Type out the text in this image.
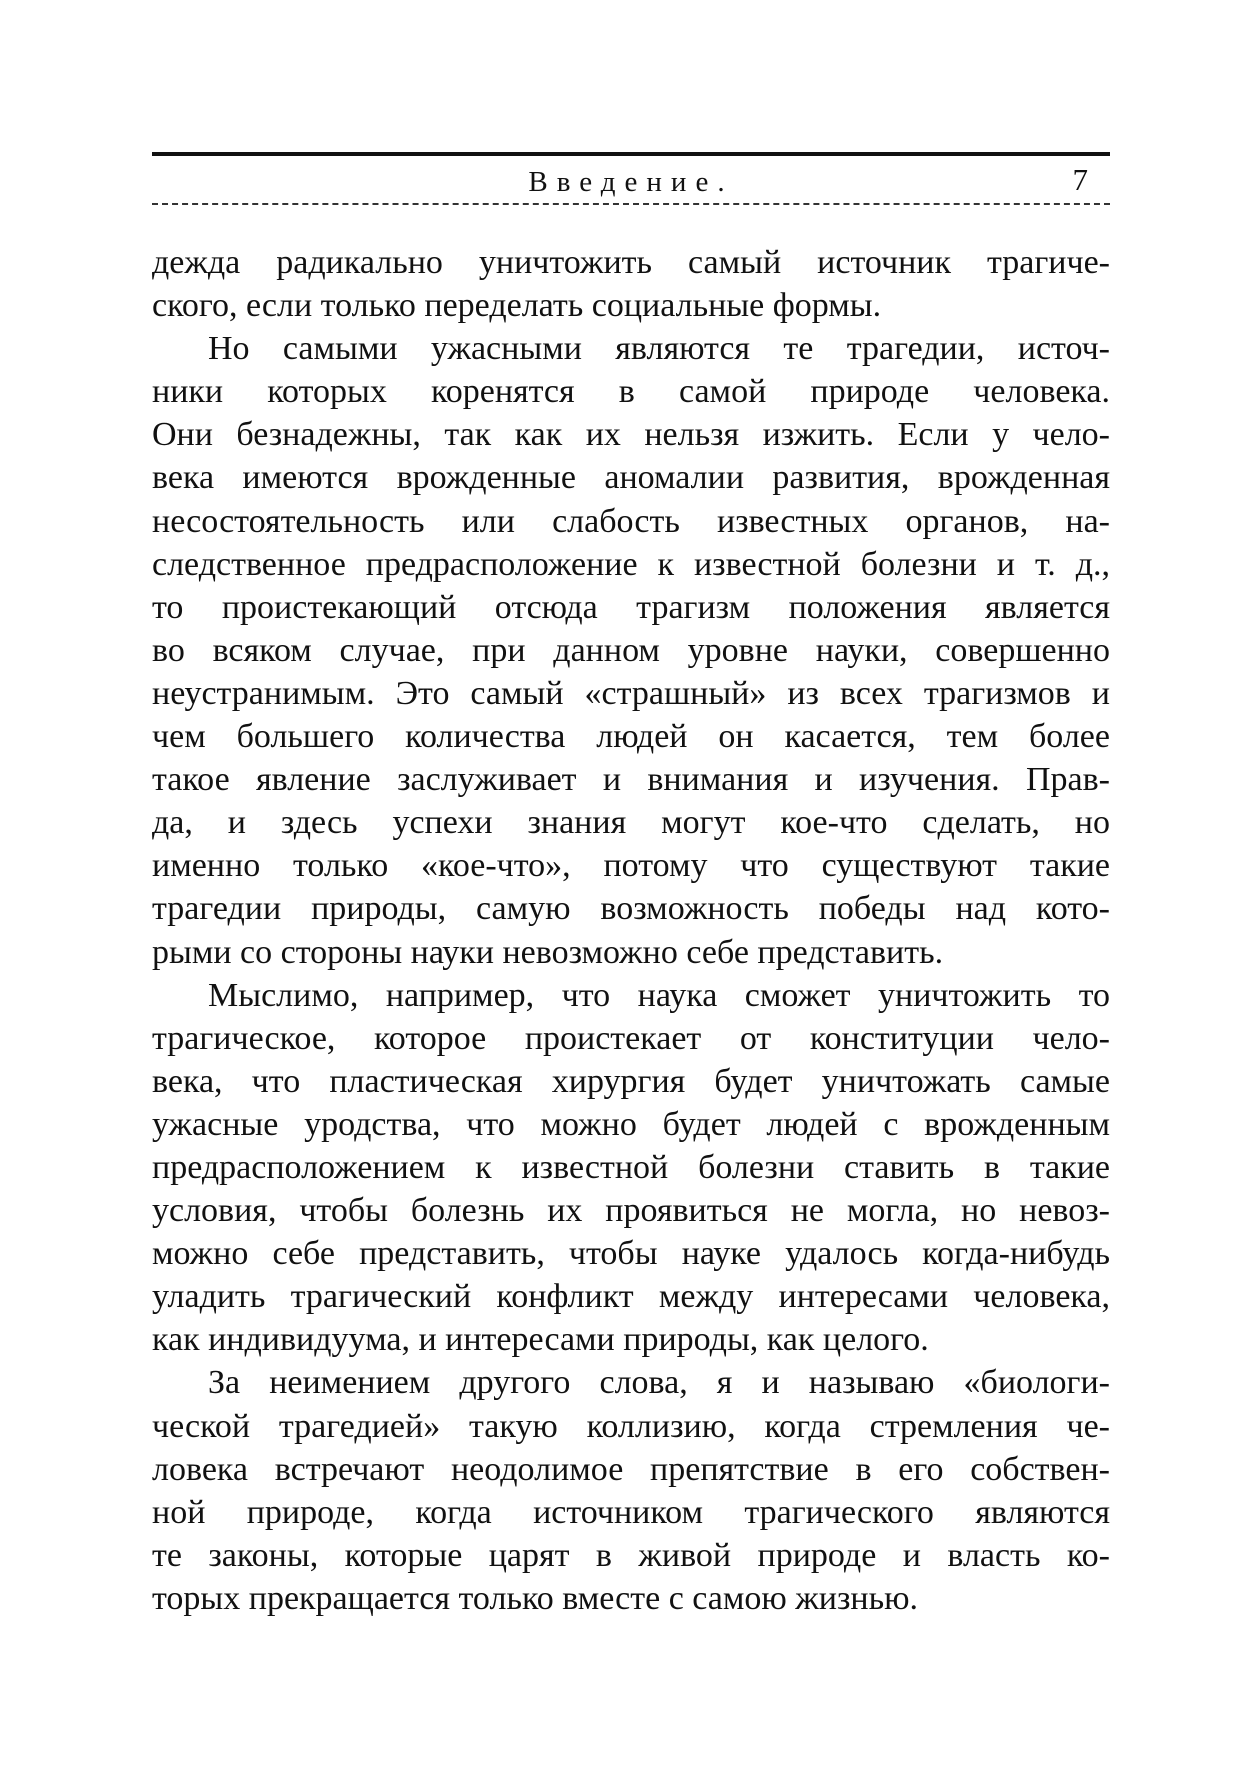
Введение.	7
дежда радикально уничтожить самый источник трагиче-
ского, если только переделать социальные формы.
Но самыми ужасными являются те трагедии, источ-
ники которых коренятся в самой природе человека.
Они безнадежны, так как их нельзя изжить. Если у чело-
века имеются врожденные аномалии развития, врожденная
несостоятельность или слабость известных органов, на-
следственное предрасположение к известной болезни и т. д.,
то проистекающий отсюда трагизм положения является
во всяком случае, при данном уровне науки, совершенно
неустранимым. Это самый «страшный» из всех трагизмов и
чем большего количества людей он касается, тем более
такое явление заслуживает и внимания и изучения. Прав-
да, и здесь успехи знания могут кое-что сделать, но
именно только «кое-что», потому что существуют такие
трагедии природы, самую возможность победы над кото-
рыми со стороны науки невозможно себе представить.
Мыслимо, например, что наука сможет уничтожить то
трагическое, которое проистекает от конституции чело-
века, что пластическая хирургия будет уничтожать самые
ужасные уродства, что можно будет людей с врожденным
предрасположением к известной болезни ставить в такие
условия, чтобы болезнь их проявиться не могла, но невоз-
можно себе представить, чтобы науке удалось когда-нибудь
уладить трагический конфликт между интересами человека,
как индивидуума, и интересами природы, как целого.
За неимением другого слова, я и называю «биологи-
ческой трагедией» такую коллизию, когда стремления че-
ловека встречают неодолимое препятствие в его собствен-
ной природе, когда источником трагического являются
те законы, которые царят в живой природе и власть ко-
торых прекращается только вместе с самою жизнью.
